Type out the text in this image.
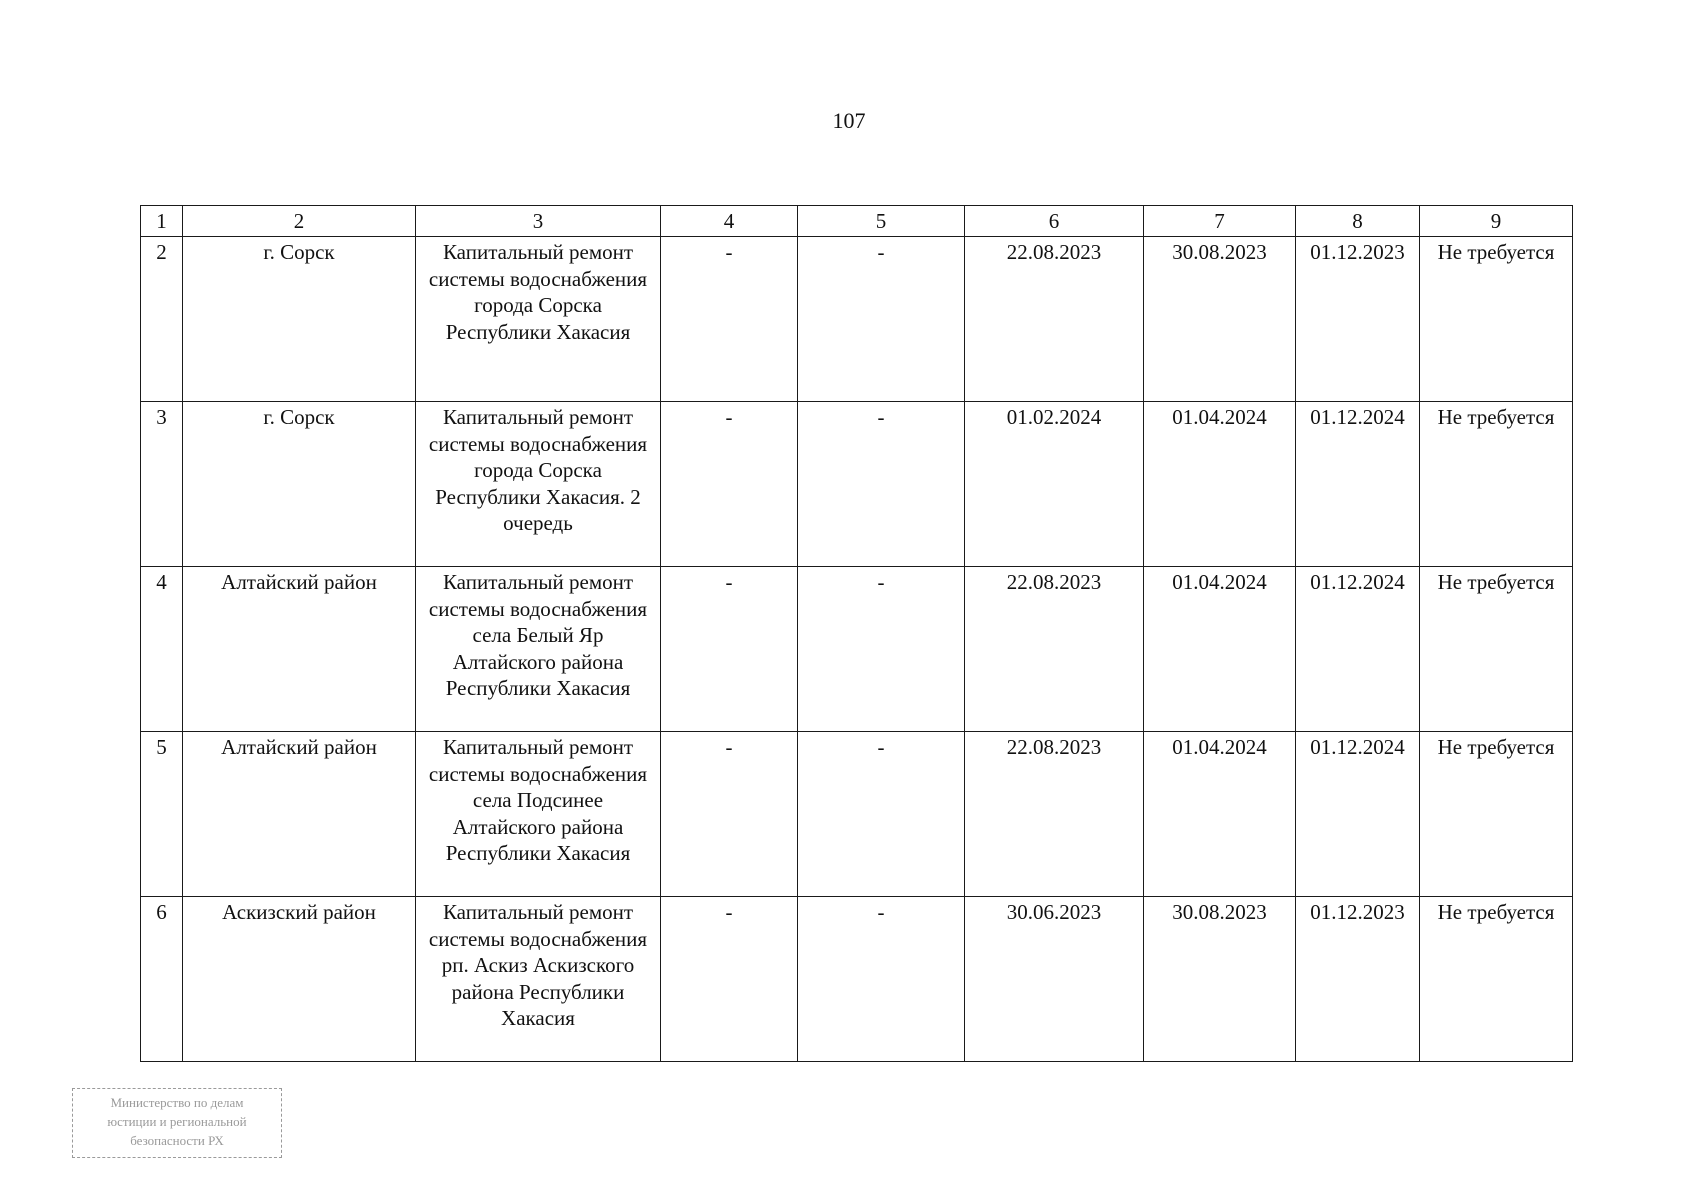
107
1	2	3	4	5	6	7	8	9
2	г. Сорск	Капитальный ремонт системы водоснабжения города Сорска Республики Хакасия	-	-	22.08.2023	30.08.2023	01.12.2023	Не требуется
3	г. Сорск	Капитальный ремонт системы водоснабжения города Сорска Республики Хакасия. 2 очередь	-	-	01.02.2024	01.04.2024	01.12.2024	Не требуется
4	Алтайский район	Капитальный ремонт системы водоснабжения села Белый Яр Алтайского района Республики Хакасия	-	-	22.08.2023	01.04.2024	01.12.2024	Не требуется
5	Алтайский район	Капитальный ремонт системы водоснабжения села Подсинее Алтайского района Республики Хакасия	-	-	22.08.2023	01.04.2024	01.12.2024	Не требуется
6	Аскизский район	Капитальный ремонт системы водоснабжения рп. Аскиз Аскизского района Республики Хакасия	-	-	30.06.2023	30.08.2023	01.12.2023	Не требуется
Министерство по делам
юстиции и региональной
безопасности РХ
